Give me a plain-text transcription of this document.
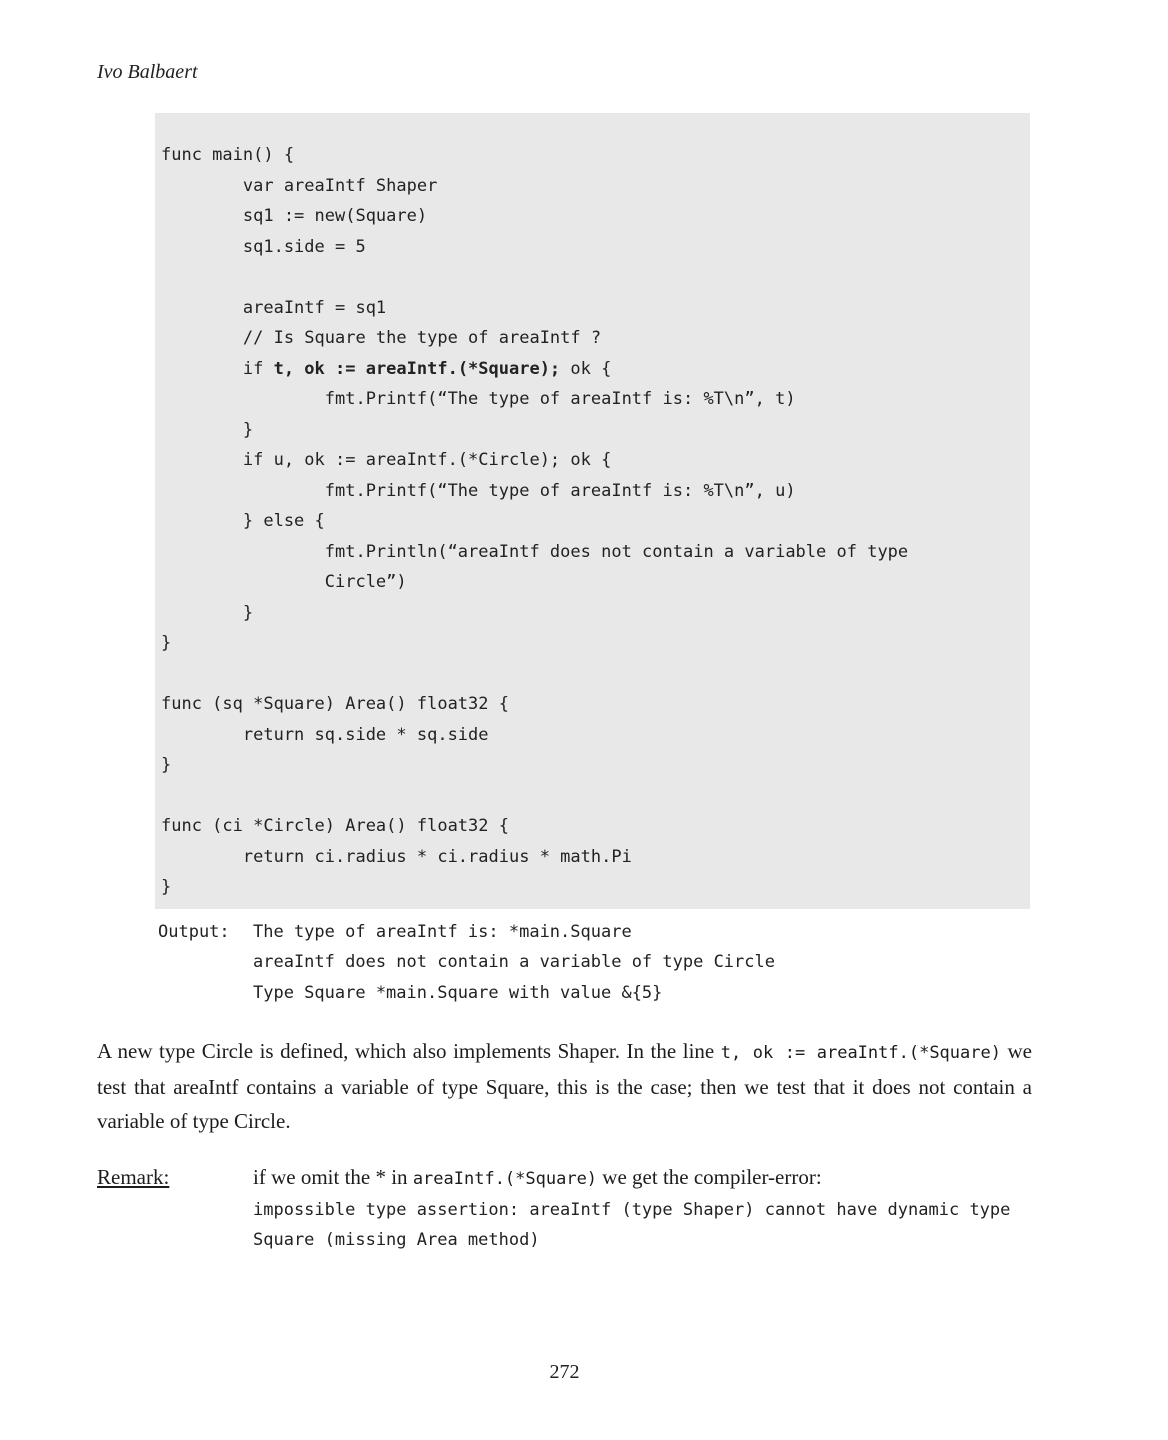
Ivo Balbaert
func main() {
var areaIntf Shaper
sq1 := new(Square)
sq1.side = 5

areaIntf = sq1
// Is Square the type of areaIntf ?
if t, ok := areaIntf.(*Square); ok {
fmt.Printf(“The type of areaIntf is: %T\n”, t)
}
if u, ok := areaIntf.(*Circle); ok {
fmt.Printf(“The type of areaIntf is: %T\n”, u)
} else {
fmt.Println(“areaIntf does not contain a variable of type
Circle”)
}
}

func (sq *Square) Area() float32 {
return sq.side * sq.side
}

func (ci *Circle) Area() float32 {
return ci.radius * ci.radius * math.Pi
}
Output:	The type of areaIntf is: *main.Square
areaIntf does not contain a variable of type Circle
Type Square *main.Square with value &{5}

A new type Circle is defined, which also implements Shaper. In the line t, ok := areaIntf.(*Square) we test that areaIntf contains a variable of type Square, this is the case; then we test that it does not contain a variable of type Circle.

Remark:	if we omit the * in areaIntf.(*Square) we get the compiler-error:
impossible type assertion: areaIntf (type Shaper) cannot have dynamic type
Square (missing Area method)
272
